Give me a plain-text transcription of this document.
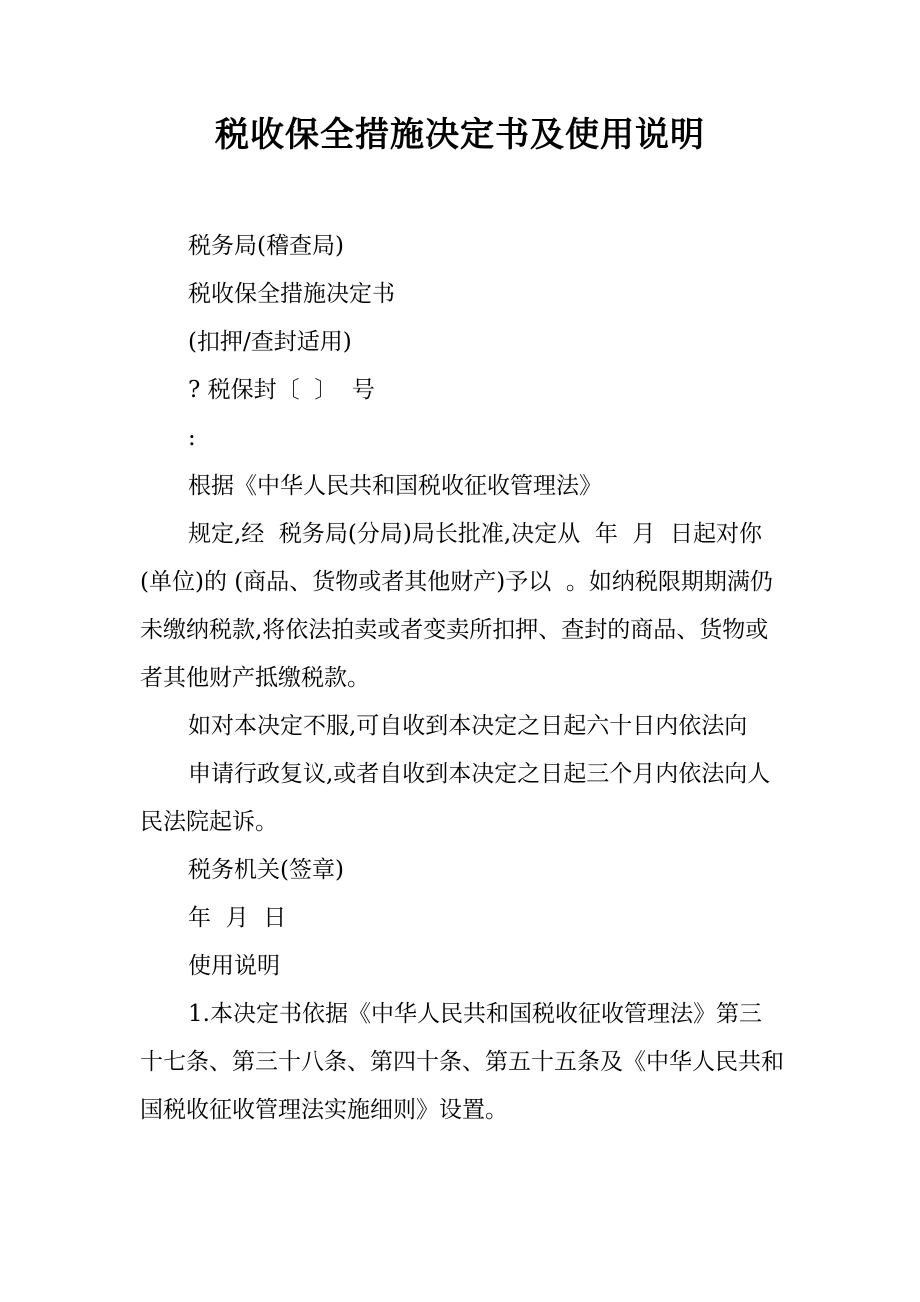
税收保全措施决定书及使用说明

税务局(稽查局)

税收保全措施决定书

(扣押/查封适用)

? 税保封〔  〕  号

:

根据《中华人民共和国税收征收管理法》

规定,经  税务局(分局)局长批准,决定从  年  月  日起对你(单位)的 (商品、货物或者其他财产)予以  。如纳税限期期满仍未缴纳税款,将依法拍卖或者变卖所扣押、查封的商品、货物或者其他财产抵缴税款。

如对本决定不服,可自收到本决定之日起六十日内依法向

申请行政复议,或者自收到本决定之日起三个月内依法向人民法院起诉。

税务机关(签章)

年  月  日

使用说明

1.本决定书依据《中华人民共和国税收征收管理法》第三十七条、第三十八条、第四十条、第五十五条及《中华人民共和国税收征收管理法实施细则》设置。
